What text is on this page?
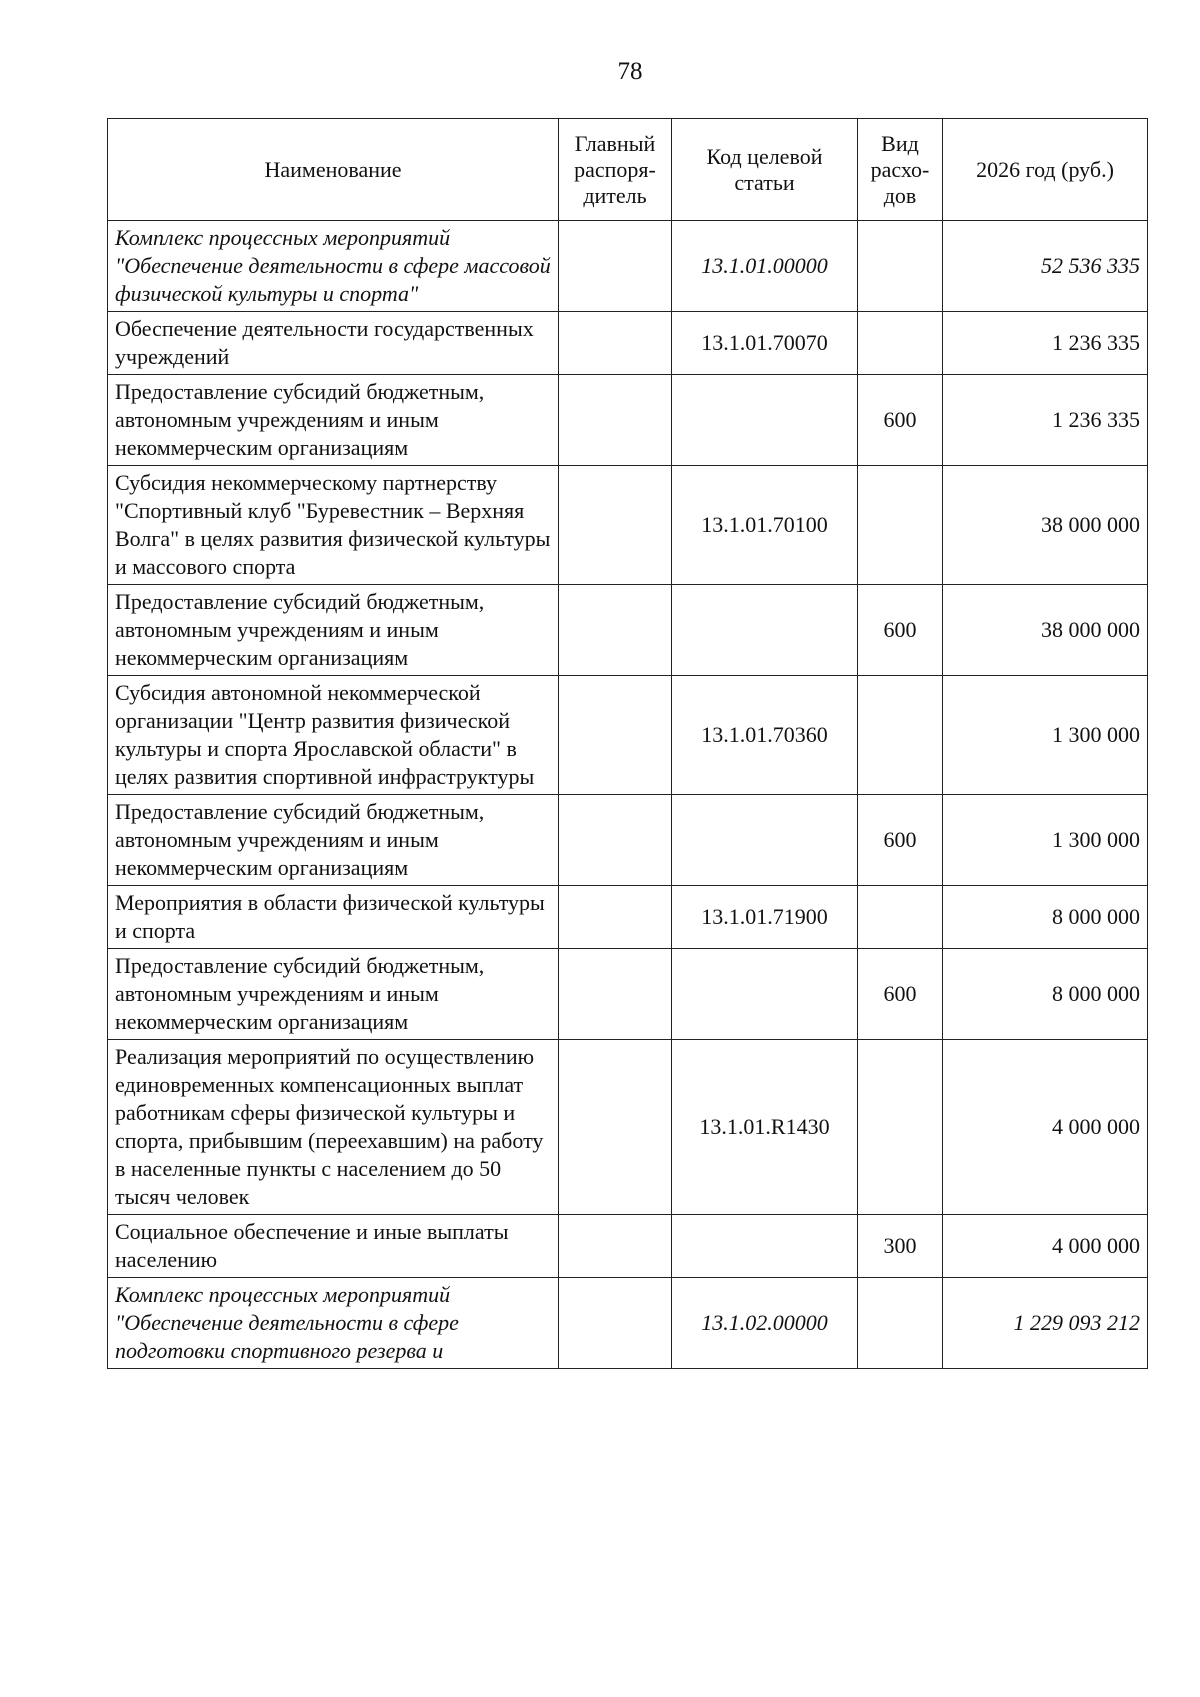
78
Наименование	Главный распоря-дитель	Код целевой статьи	Вид расхо-дов	2026 год (руб.)
Комплекс процессных мероприятий "Обеспечение деятельности в сфере массовой физической культуры и спорта"		13.1.01.00000		52 536 335
Обеспечение деятельности государственных учреждений		13.1.01.70070		1 236 335
Предоставление субсидий бюджетным, автономным учреждениям и иным некоммерческим организациям			600	1 236 335
Субсидия некоммерческому партнерству "Спортивный клуб "Буревестник – Верхняя Волга" в целях развития физической культуры и массового спорта		13.1.01.70100		38 000 000
Предоставление субсидий бюджетным, автономным учреждениям и иным некоммерческим организациям			600	38 000 000
Субсидия автономной некоммерческой организации "Центр развития физической культуры и спорта Ярославской области" в целях развития спортивной инфраструктуры		13.1.01.70360		1 300 000
Предоставление субсидий бюджетным, автономным учреждениям и иным некоммерческим организациям			600	1 300 000
Мероприятия в области физической культуры и спорта		13.1.01.71900		8 000 000
Предоставление субсидий бюджетным, автономным учреждениям и иным некоммерческим организациям			600	8 000 000
Реализация мероприятий по осуществлению единовременных компенсационных выплат работникам сферы физической культуры и спорта, прибывшим (переехавшим) на работу в населенные пункты с населением до 50 тысяч человек		13.1.01.R1430		4 000 000
Социальное обеспечение и иные выплаты населению			300	4 000 000
Комплекс процессных мероприятий "Обеспечение деятельности в сфере подготовки спортивного резерва и		13.1.02.00000		1 229 093 212
